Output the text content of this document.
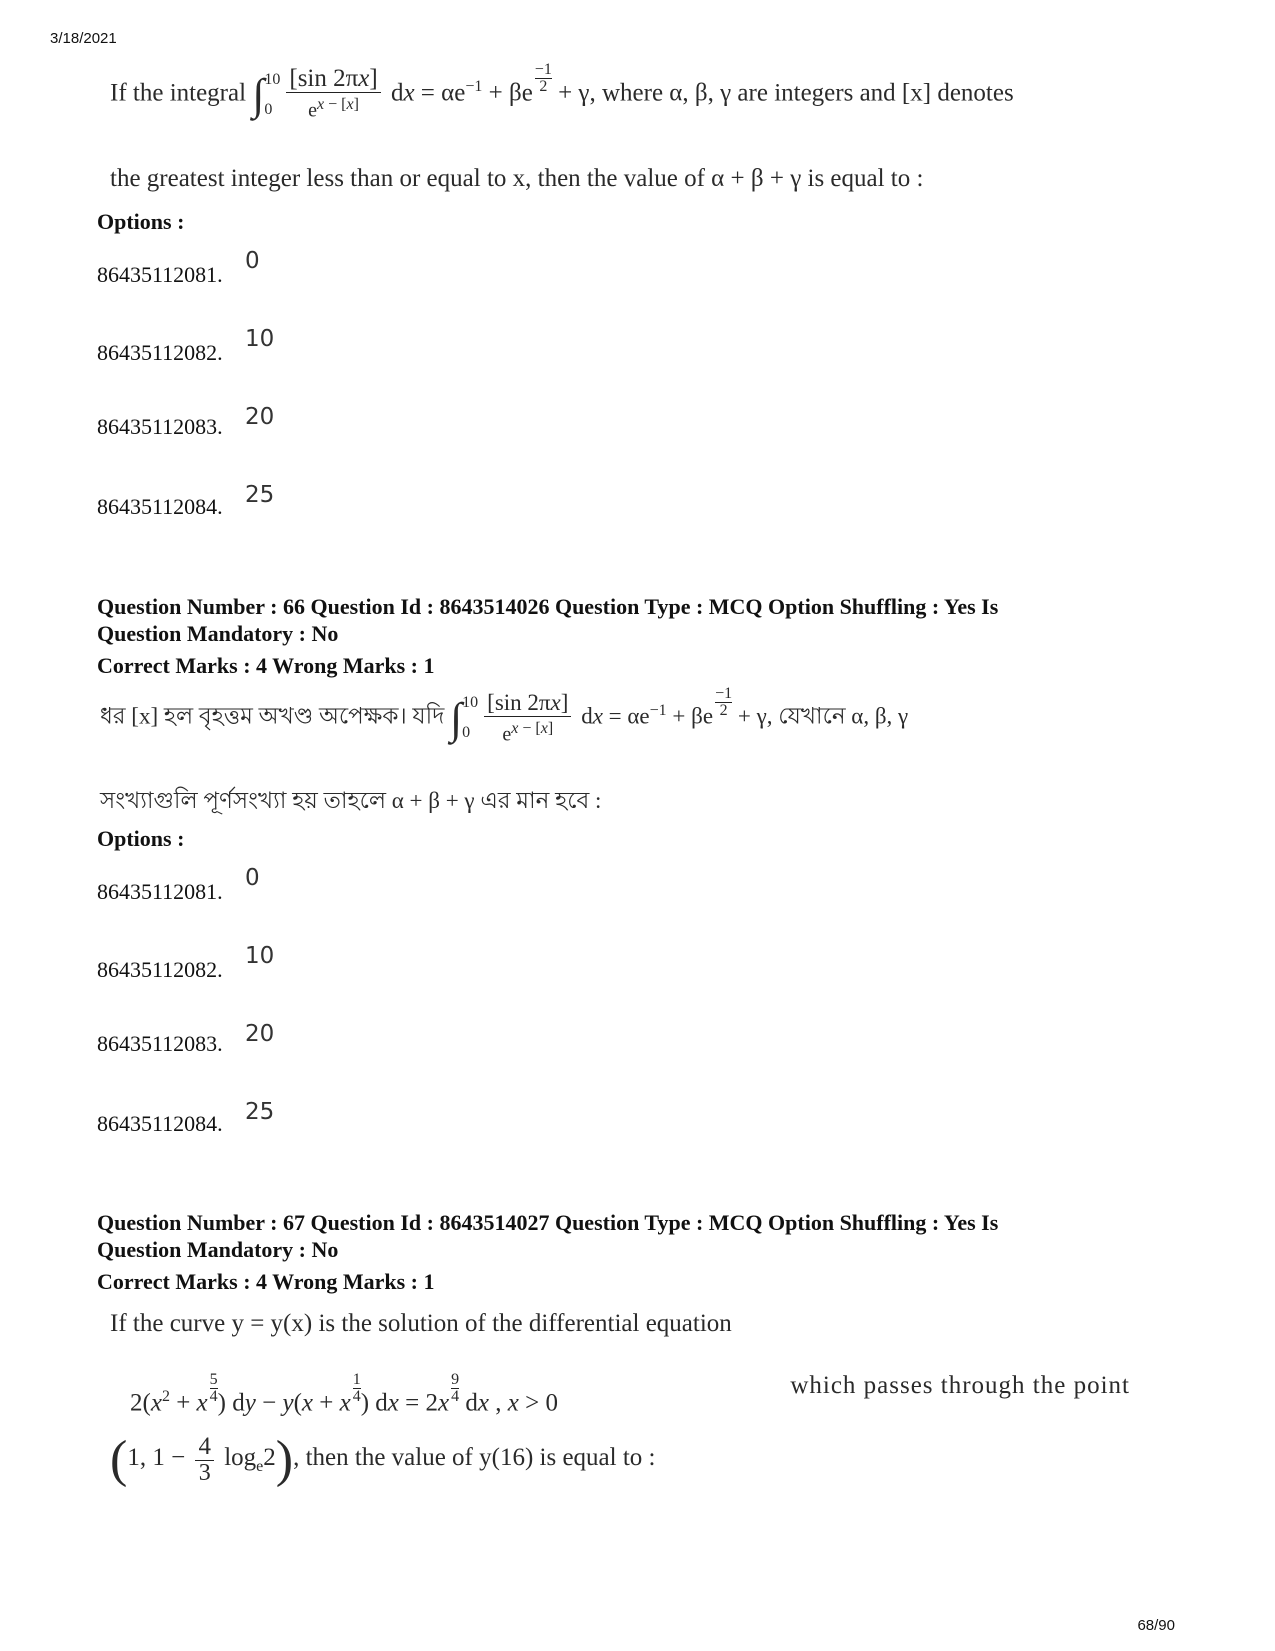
3/18/2021
If the integral ∫ 10
$0 \frac{[\sin 2\pi x]}{e^{x - [x]}}$ dx = $\alpha e^{-1} + \beta e \frac{-1}{2} + \gamma$, where α, β, γ are integers and [x] denotes
the greatest integer less than or equal to x, then the value of α + β + γ is equal to :
Options :
86435112081.
0
86435112082.
10
86435112083. 20
86435112084. 25
Question Number : 66 Question Id : 8643514026 Question Type : MCQ Option Shuffling : Yes Is
Question Mandatory : No
Correct Marks : 4 Wrong Marks : 1
ধর [x] হল বৃহত্তম অখণ্ড অপেক্ষক। যদি ∫ 10
$0 \frac{[\sin 2\pi x]}{e^{x - [x]}}$ dx = $\alpha e^{-1} + \beta e \frac{-1}{2} + \gamma$, যেখানে α, β, γ
সংখ্যাগুলি পূর্ণসংখ্যা হয় তাহলে α + β + γ এর মান হবে :
Options :
86435112081.
0
86435112082.
10
86435112083. 20
86435112084. 25
Question Number : 67 Question Id : 8643514027 Question Type : MCQ Option Shuffling : Yes Is
Question Mandatory : No
Correct Marks : 4 Wrong Marks : 1
If the curve y = y(x) is the solution of the differential equation
$2(x^2 + x \frac{5}{4}$ ) dy − y(x + x $\frac{1}{4}$ ) dx = $2x \frac{9}{4}$ dx , x > 0
which passes through the point
(1, $1 - \frac{4}{3} \log_e2$), then the value of y(16) is equal to :
68/90
